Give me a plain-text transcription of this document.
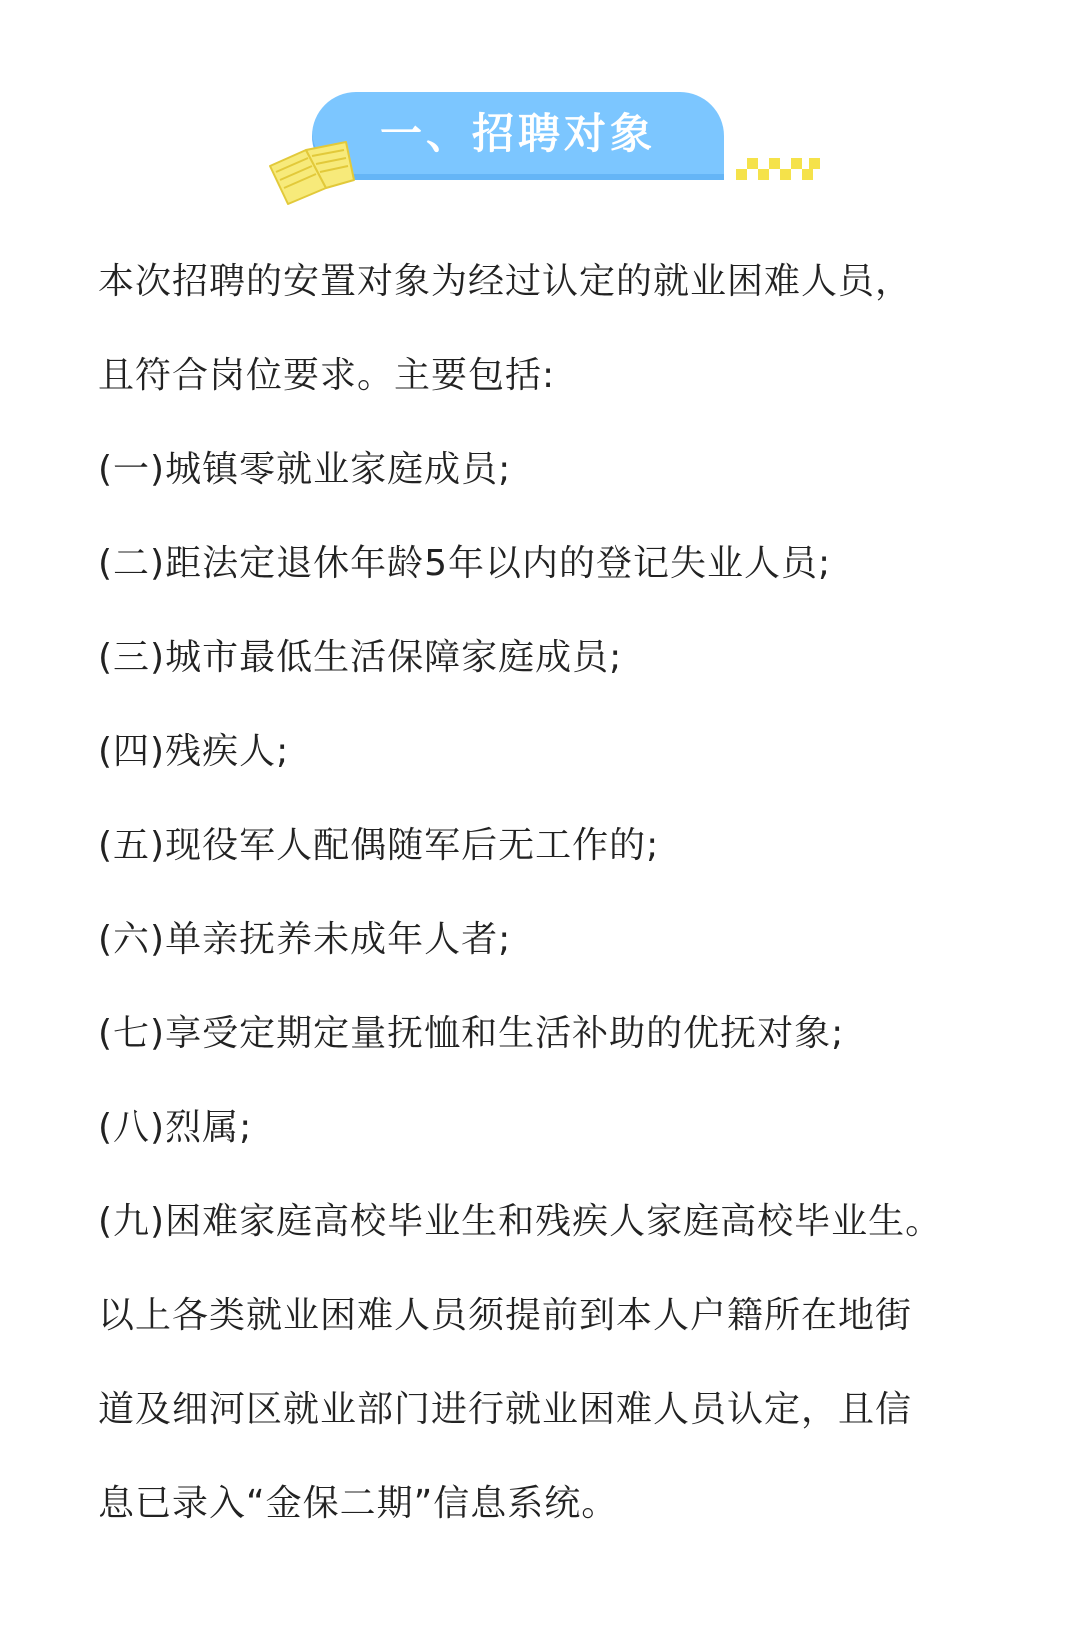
一、招聘对象
本次招聘的安置对象为经过认定的就业困难人员，
且符合岗位要求。主要包括:
(一)城镇零就业家庭成员;
(二)距法定退休年龄5年以内的登记失业人员;
(三)城市最低生活保障家庭成员;
(四)残疾人;
(五)现役军人配偶随军后无工作的;
(六)单亲抚养未成年人者;
(七)享受定期定量抚恤和生活补助的优抚对象;
(八)烈属;
(九)困难家庭高校毕业生和残疾人家庭高校毕业生。
以上各类就业困难人员须提前到本人户籍所在地街
道及细河区就业部门进行就业困难人员认定，且信
息已录入“金保二期”信息系统。
